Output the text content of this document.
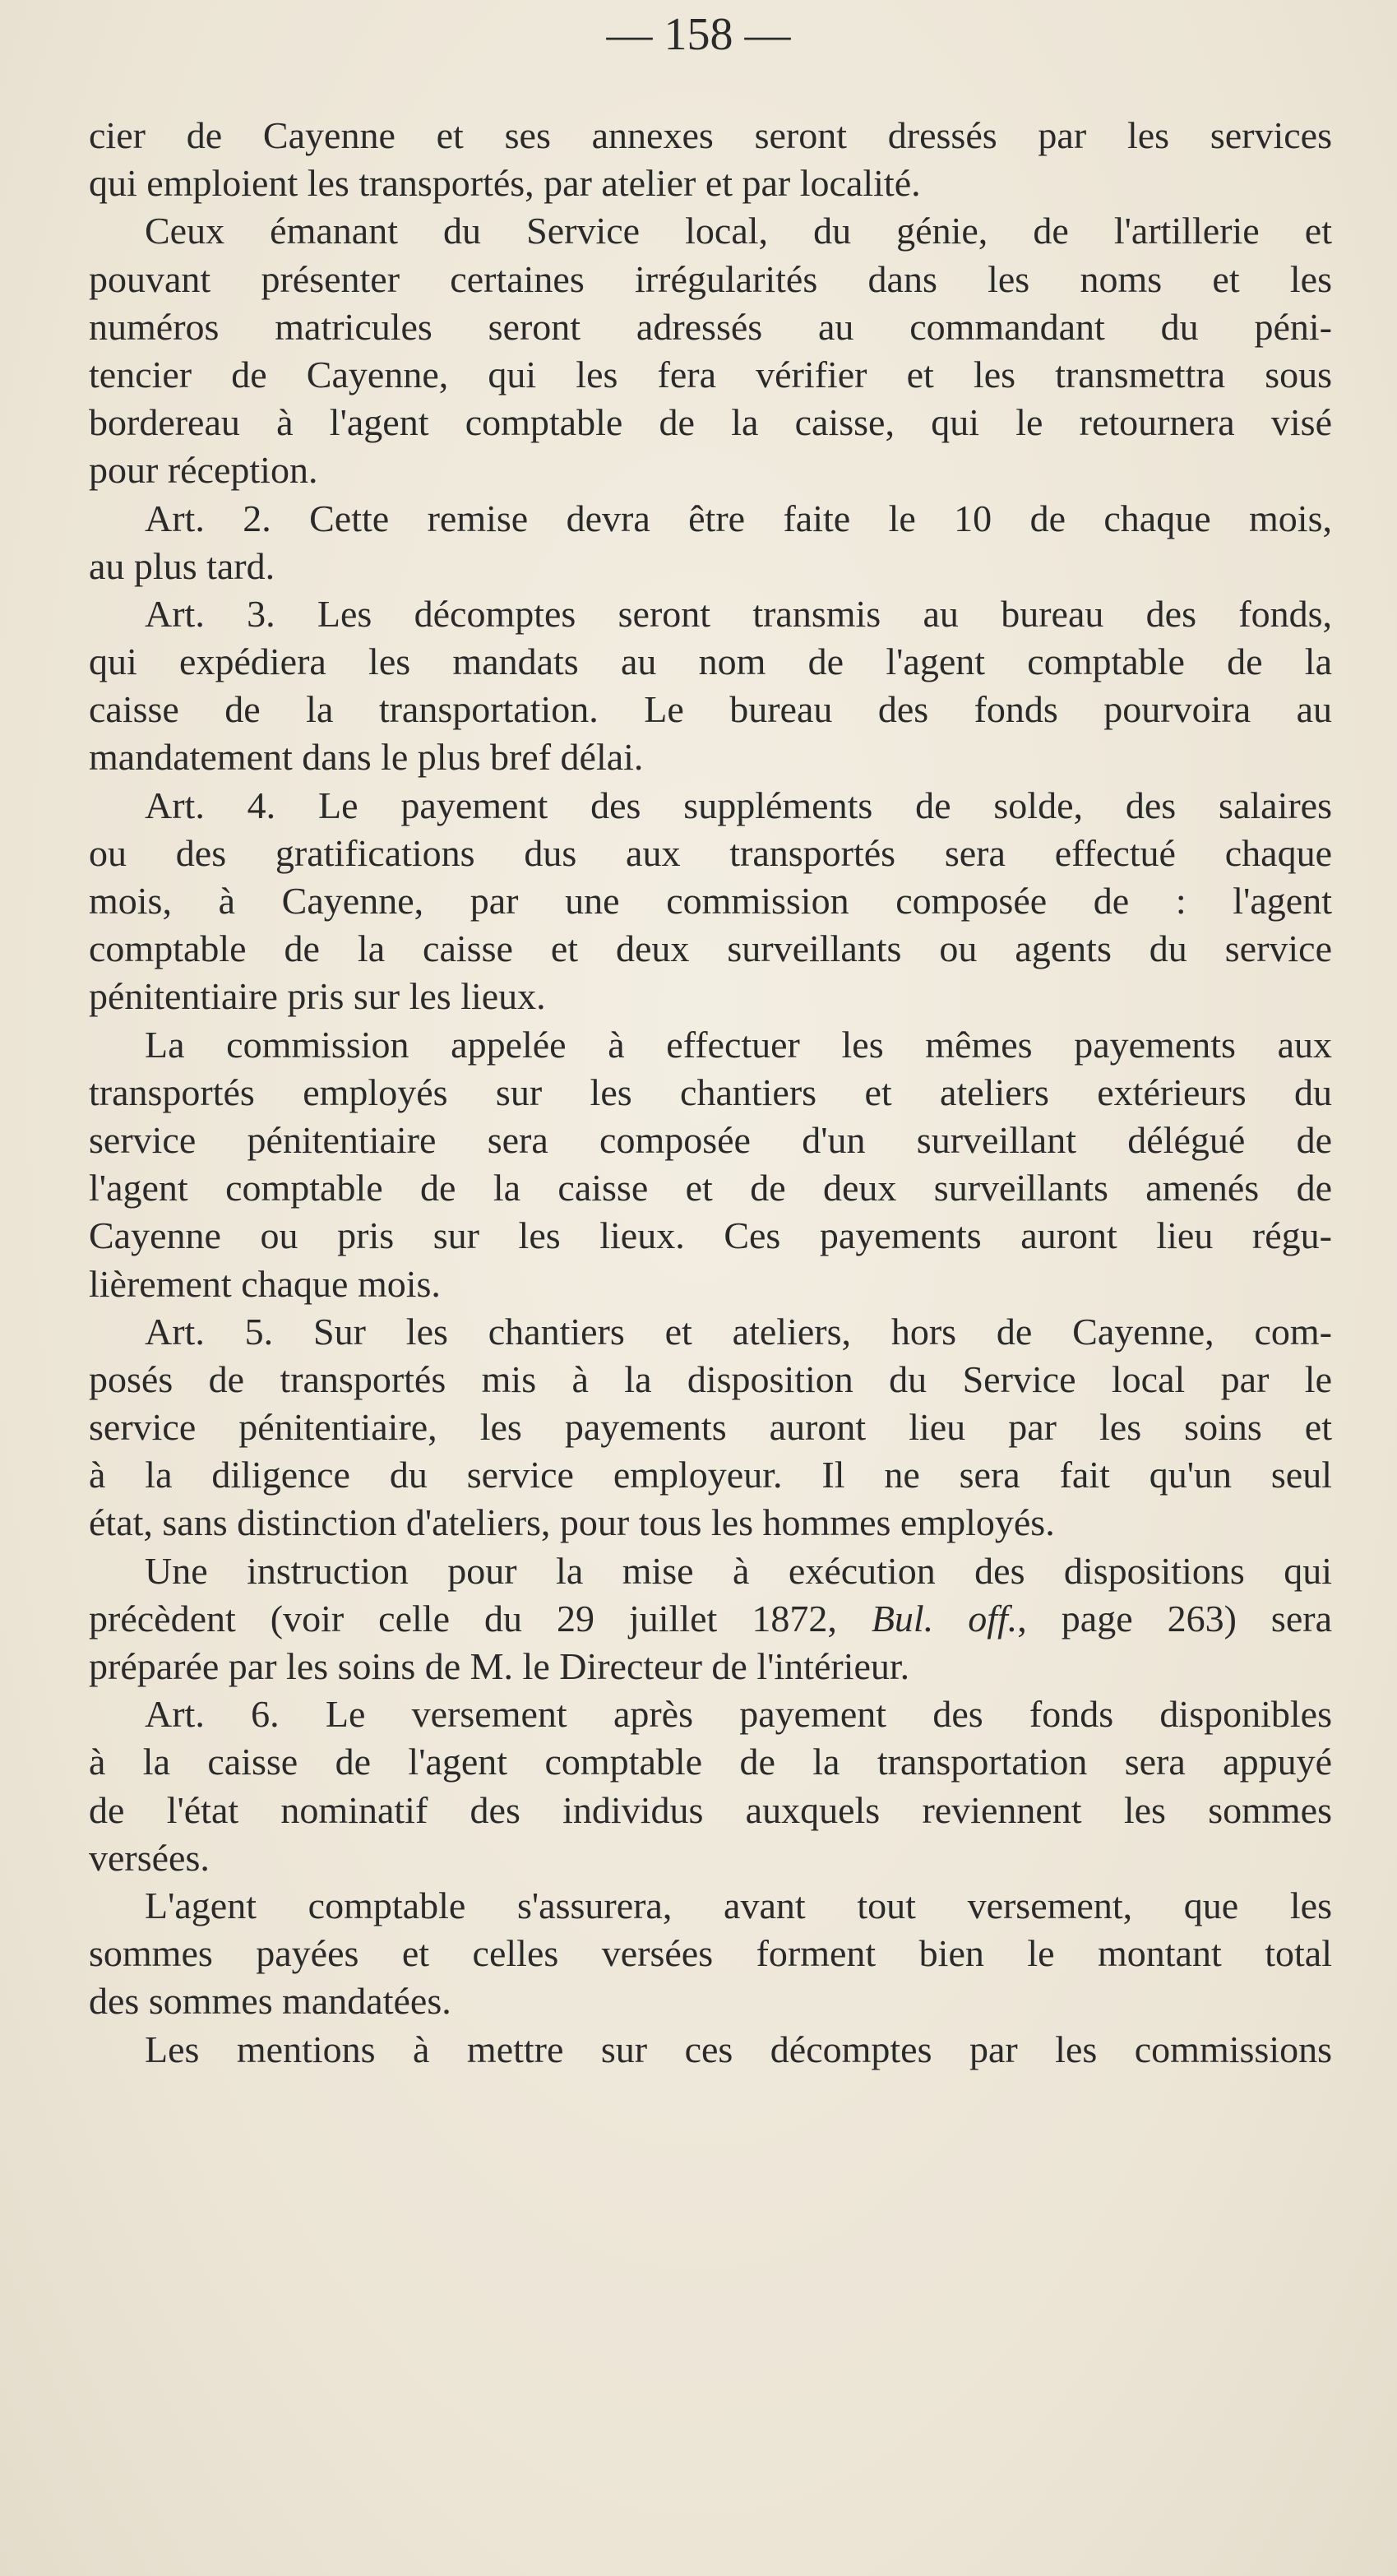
— 158 —
cier de Cayenne et ses annexes seront dressés par les services
qui emploient les transportés, par atelier et par localité.
Ceux émanant du Service local, du génie, de l'artillerie et
pouvant présenter certaines irrégularités dans les noms et les
numéros matricules seront adressés au commandant du péni-
tencier de Cayenne, qui les fera vérifier et les transmettra sous
bordereau à l'agent comptable de la caisse, qui le retournera visé
pour réception.
Art. 2. Cette remise devra être faite le 10 de chaque mois,
au plus tard.
Art. 3. Les décomptes seront transmis au bureau des fonds,
qui expédiera les mandats au nom de l'agent comptable de la
caisse de la transportation. Le bureau des fonds pourvoira au
mandatement dans le plus bref délai.
Art. 4. Le payement des suppléments de solde, des salaires
ou des gratifications dus aux transportés sera effectué chaque
mois, à Cayenne, par une commission composée de : l'agent
comptable de la caisse et deux surveillants ou agents du service
pénitentiaire pris sur les lieux.
La commission appelée à effectuer les mêmes payements aux
transportés employés sur les chantiers et ateliers extérieurs du
service pénitentiaire sera composée d'un surveillant délégué de
l'agent comptable de la caisse et de deux surveillants amenés de
Cayenne ou pris sur les lieux. Ces payements auront lieu régu-
lièrement chaque mois.
Art. 5. Sur les chantiers et ateliers, hors de Cayenne, com-
posés de transportés mis à la disposition du Service local par le
service pénitentiaire, les payements auront lieu par les soins et
à la diligence du service employeur. Il ne sera fait qu'un seul
état, sans distinction d'ateliers, pour tous les hommes employés.
Une instruction pour la mise à exécution des dispositions qui
précèdent (voir celle du 29 juillet 1872, Bul. off., page 263) sera
préparée par les soins de M. le Directeur de l'intérieur.
Art. 6. Le versement après payement des fonds disponibles
à la caisse de l'agent comptable de la transportation sera appuyé
de l'état nominatif des individus auxquels reviennent les sommes
versées.
L'agent comptable s'assurera, avant tout versement, que les
sommes payées et celles versées forment bien le montant total
des sommes mandatées.
Les mentions à mettre sur ces décomptes par les commissions
